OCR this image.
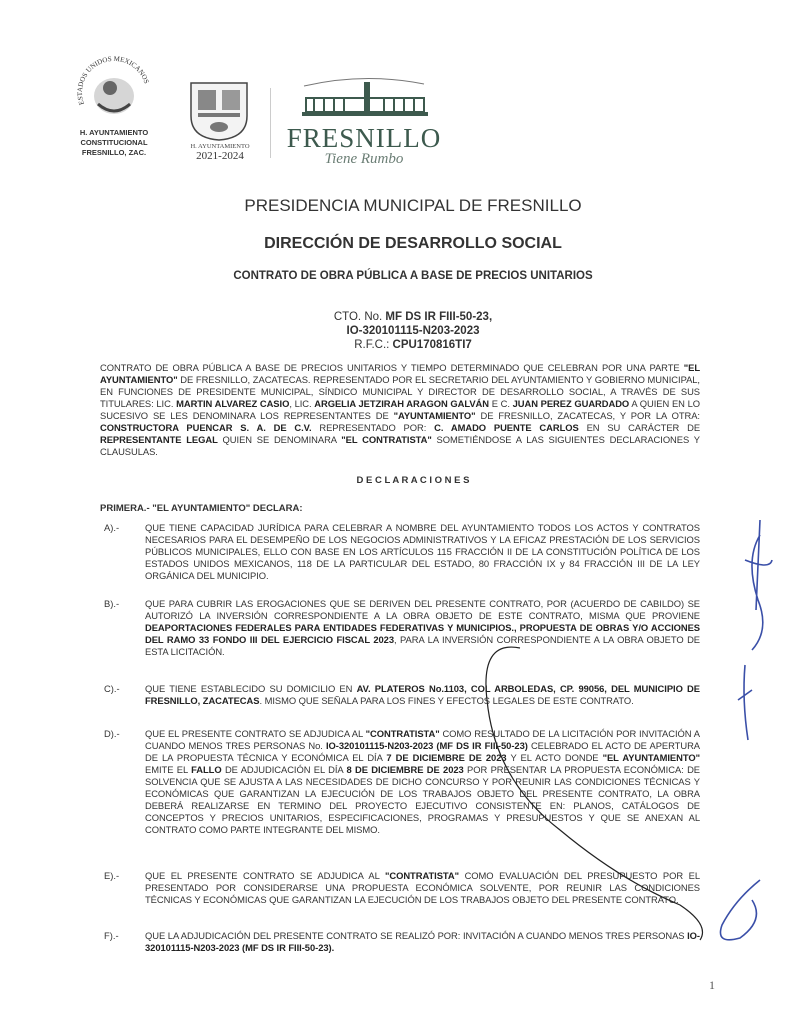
ESTADOS UNIDOS MEXICANOS
H. AYUNTAMIENTO
CONSTITUCIONAL
FRESNILLO, ZAC.
H. AYUNTAMIENTO
2021-2024
FRESNILLO
Tiene Rumbo
PRESIDENCIA MUNICIPAL DE FRESNILLO
DIRECCIÓN DE DESARROLLO SOCIAL
CONTRATO DE OBRA PÚBLICA A BASE DE PRECIOS UNITARIOS
CTO. No. MF DS IR FIII-50-23,
IO-320101115-N203-2023
R.F.C.: CPU170816TI7
CONTRATO DE OBRA PÚBLICA A BASE DE PRECIOS UNITARIOS Y TIEMPO DETERMINADO QUE CELEBRAN POR UNA PARTE "EL AYUNTAMIENTO" DE FRESNILLO, ZACATECAS. REPRESENTADO POR EL SECRETARIO DEL AYUNTAMIENTO Y GOBIERNO MUNICIPAL, EN FUNCIONES DE PRESIDENTE MUNICIPAL, SÍNDICO MUNICIPAL Y DIRECTOR DE DESARROLLO SOCIAL, A TRAVÉS DE SUS TITULARES: LIC. MARTIN ALVAREZ CASIO, LIC. ARGELIA JETZIRAH ARAGON GALVÁN E C. JUAN PEREZ GUARDADO A QUIEN EN LO SUCESIVO SE LES DENOMINARA LOS REPRESENTANTES DE "AYUNTAMIENTO" DE FRESNILLO, ZACATECAS, Y POR LA OTRA: CONSTRUCTORA PUENCAR S. A. DE C.V. REPRESENTADO POR: C. AMADO PUENTE CARLOS EN SU CARÁCTER DE REPRESENTANTE LEGAL QUIEN SE DENOMINARA "EL CONTRATISTA" SOMETIÉNDOSE A LAS SIGUIENTES DECLARACIONES Y CLAUSULAS.
D E C L A R A C I O N E S
PRIMERA.- "EL AYUNTAMIENTO" DECLARA:
A).-	QUE TIENE CAPACIDAD JURÍDICA PARA CELEBRAR A NOMBRE DEL AYUNTAMIENTO TODOS LOS ACTOS Y CONTRATOS NECESARIOS PARA EL DESEMPEÑO DE LOS NEGOCIOS ADMINISTRATIVOS Y LA EFICAZ PRESTACIÓN DE LOS SERVICIOS PÚBLICOS MUNICIPALES, ELLO CON BASE EN LOS ARTÍCULOS 115 FRACCIÓN II DE LA CONSTITUCIÓN POLÍTICA DE LOS ESTADOS UNIDOS MEXICANOS, 118 DE LA PARTICULAR DEL ESTADO, 80 FRACCIÓN IX y 84 FRACCIÓN III DE LA LEY ORGÁNICA DEL MUNICIPIO.
B).-	QUE PARA CUBRIR LAS EROGACIONES QUE SE DERIVEN DEL PRESENTE CONTRATO, POR (ACUERDO DE CABILDO) SE AUTORIZÓ LA INVERSIÓN CORRESPONDIENTE A LA OBRA OBJETO DE ESTE CONTRATO, MISMA QUE PROVIENE DEAPORTACIONES FEDERALES PARA ENTIDADES FEDERATIVAS Y MUNICIPIOS., PROPUESTA DE OBRAS Y/O ACCIONES DEL RAMO 33 FONDO III DEL EJERCICIO FISCAL 2023, PARA LA INVERSIÓN CORRESPONDIENTE A LA OBRA OBJETO DE ESTA LICITACIÓN.
C).-	QUE TIENE ESTABLECIDO SU DOMICILIO EN AV. PLATEROS No.1103, COL ARBOLEDAS, CP. 99056, DEL MUNICIPIO DE FRESNILLO, ZACATECAS. MISMO QUE SEÑALA PARA LOS FINES Y EFECTOS LEGALES DE ESTE CONTRATO.
D).-	QUE EL PRESENTE CONTRATO SE ADJUDICA AL "CONTRATISTA" COMO RESULTADO DE LA LICITACIÓN POR INVITACIÓN A CUANDO MENOS TRES PERSONAS No. IO-320101115-N203-2023 (MF DS IR FIII-50-23) CELEBRADO EL ACTO DE APERTURA DE LA PROPUESTA TÉCNICA Y ECONÓMICA EL DÍA 7 DE DICIEMBRE DE 2023 Y EL ACTO DONDE "EL AYUNTAMIENTO" EMITE EL FALLO DE ADJUDICACIÓN EL DÍA 8 DE DICIEMBRE DE 2023 POR PRESENTAR LA PROPUESTA ECONÓMICA: DE SOLVENCIA QUE SE AJUSTA A LAS NECESIDADES DE DICHO CONCURSO Y POR REUNIR LAS CONDICIONES TÉCNICAS Y ECONÓMICAS QUE GARANTIZAN LA EJECUCIÓN DE LOS TRABAJOS OBJETO DEL PRESENTE CONTRATO, LA OBRA DEBERÁ REALIZARSE EN TERMINO DEL PROYECTO EJECUTIVO CONSISTENTE EN: PLANOS, CATÁLOGOS DE CONCEPTOS Y PRECIOS UNITARIOS, ESPECIFICACIONES, PROGRAMAS Y PRESUPUESTOS Y QUE SE ANEXAN AL CONTRATO COMO PARTE INTEGRANTE DEL MISMO.
E).-	QUE EL PRESENTE CONTRATO SE ADJUDICA AL "CONTRATISTA" COMO EVALUACIÓN DEL PRESUPUESTO POR EL PRESENTADO POR CONSIDERARSE UNA PROPUESTA ECONÓMICA SOLVENTE, POR REUNIR LAS CONDICIONES TÉCNICAS Y ECONÓMICAS QUE GARANTIZAN LA EJECUCIÓN DE LOS TRABAJOS OBJETO DEL PRESENTE CONTRATO.
F).-	QUE LA ADJUDICACIÓN DEL PRESENTE CONTRATO SE REALIZÓ POR: INVITACIÓN A CUANDO MENOS TRES PERSONAS IO-320101115-N203-2023 (MF DS IR FIII-50-23).
1
